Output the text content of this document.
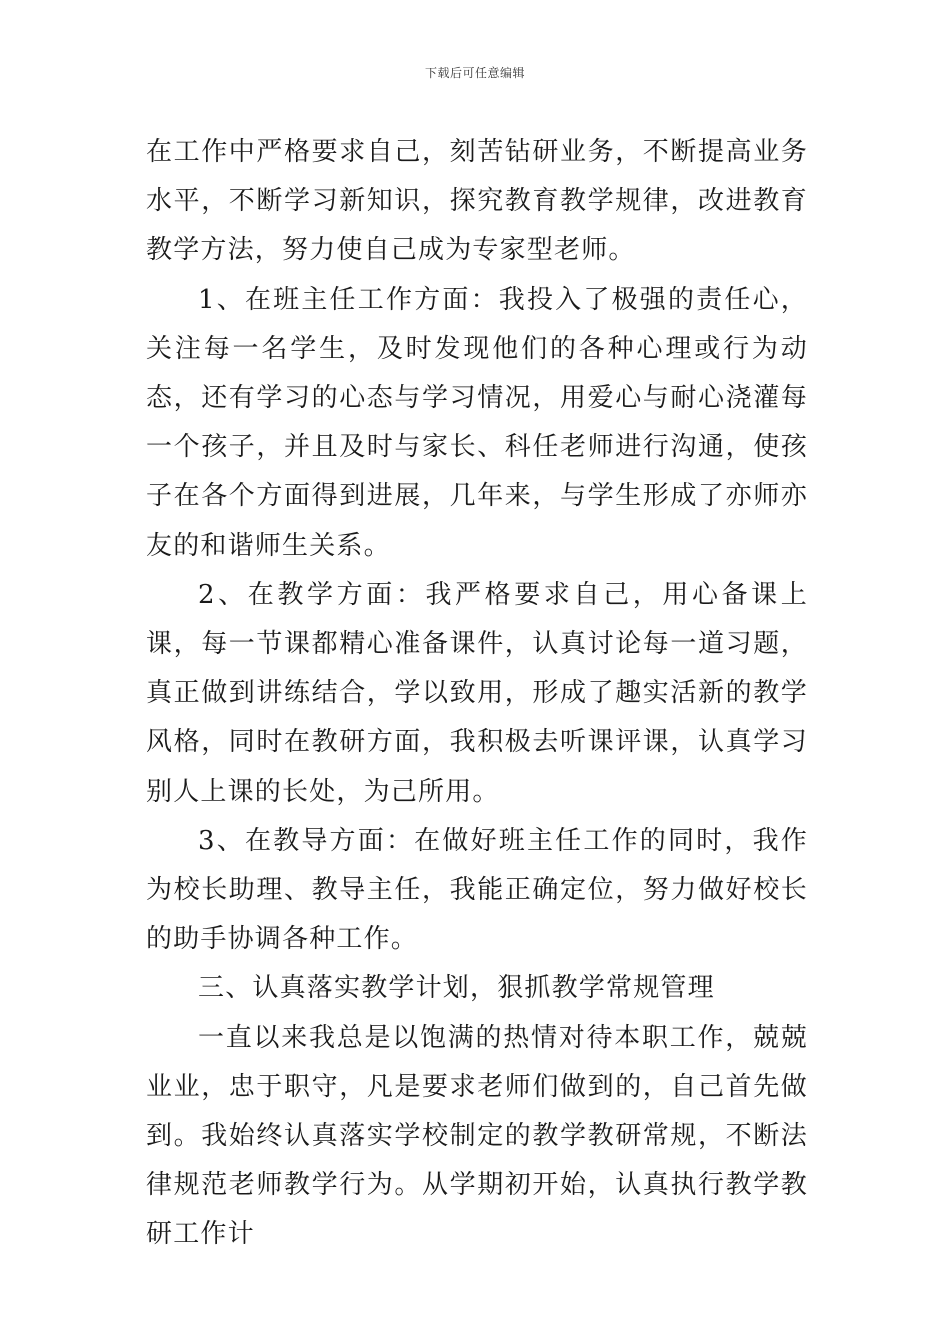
下载后可任意编辑

在工作中严格要求自己，刻苦钻研业务，不断提高业务水平，不断学习新知识，探究教育教学规律，改进教育教学方法，努力使自己成为专家型老师。

1、在班主任工作方面：我投入了极强的责任心，关注每一名学生，及时发现他们的各种心理或行为动态，还有学习的心态与学习情况，用爱心与耐心浇灌每一个孩子，并且及时与家长、科任老师进行沟通，使孩子在各个方面得到进展，几年来，与学生形成了亦师亦友的和谐师生关系。

2、在教学方面：我严格要求自己，用心备课上课，每一节课都精心准备课件，认真讨论每一道习题，真正做到讲练结合，学以致用，形成了趣实活新的教学风格，同时在教研方面，我积极去听课评课，认真学习别人上课的长处，为己所用。

3、在教导方面：在做好班主任工作的同时，我作为校长助理、教导主任，我能正确定位，努力做好校长的助手协调各种工作。

三、认真落实教学计划，狠抓教学常规管理

一直以来我总是以饱满的热情对待本职工作，兢兢业业，忠于职守，凡是要求老师们做到的，自己首先做到。我始终认真落实学校制定的教学教研常规，不断法律规范老师教学行为。从学期初开始，认真执行教学教研工作计
